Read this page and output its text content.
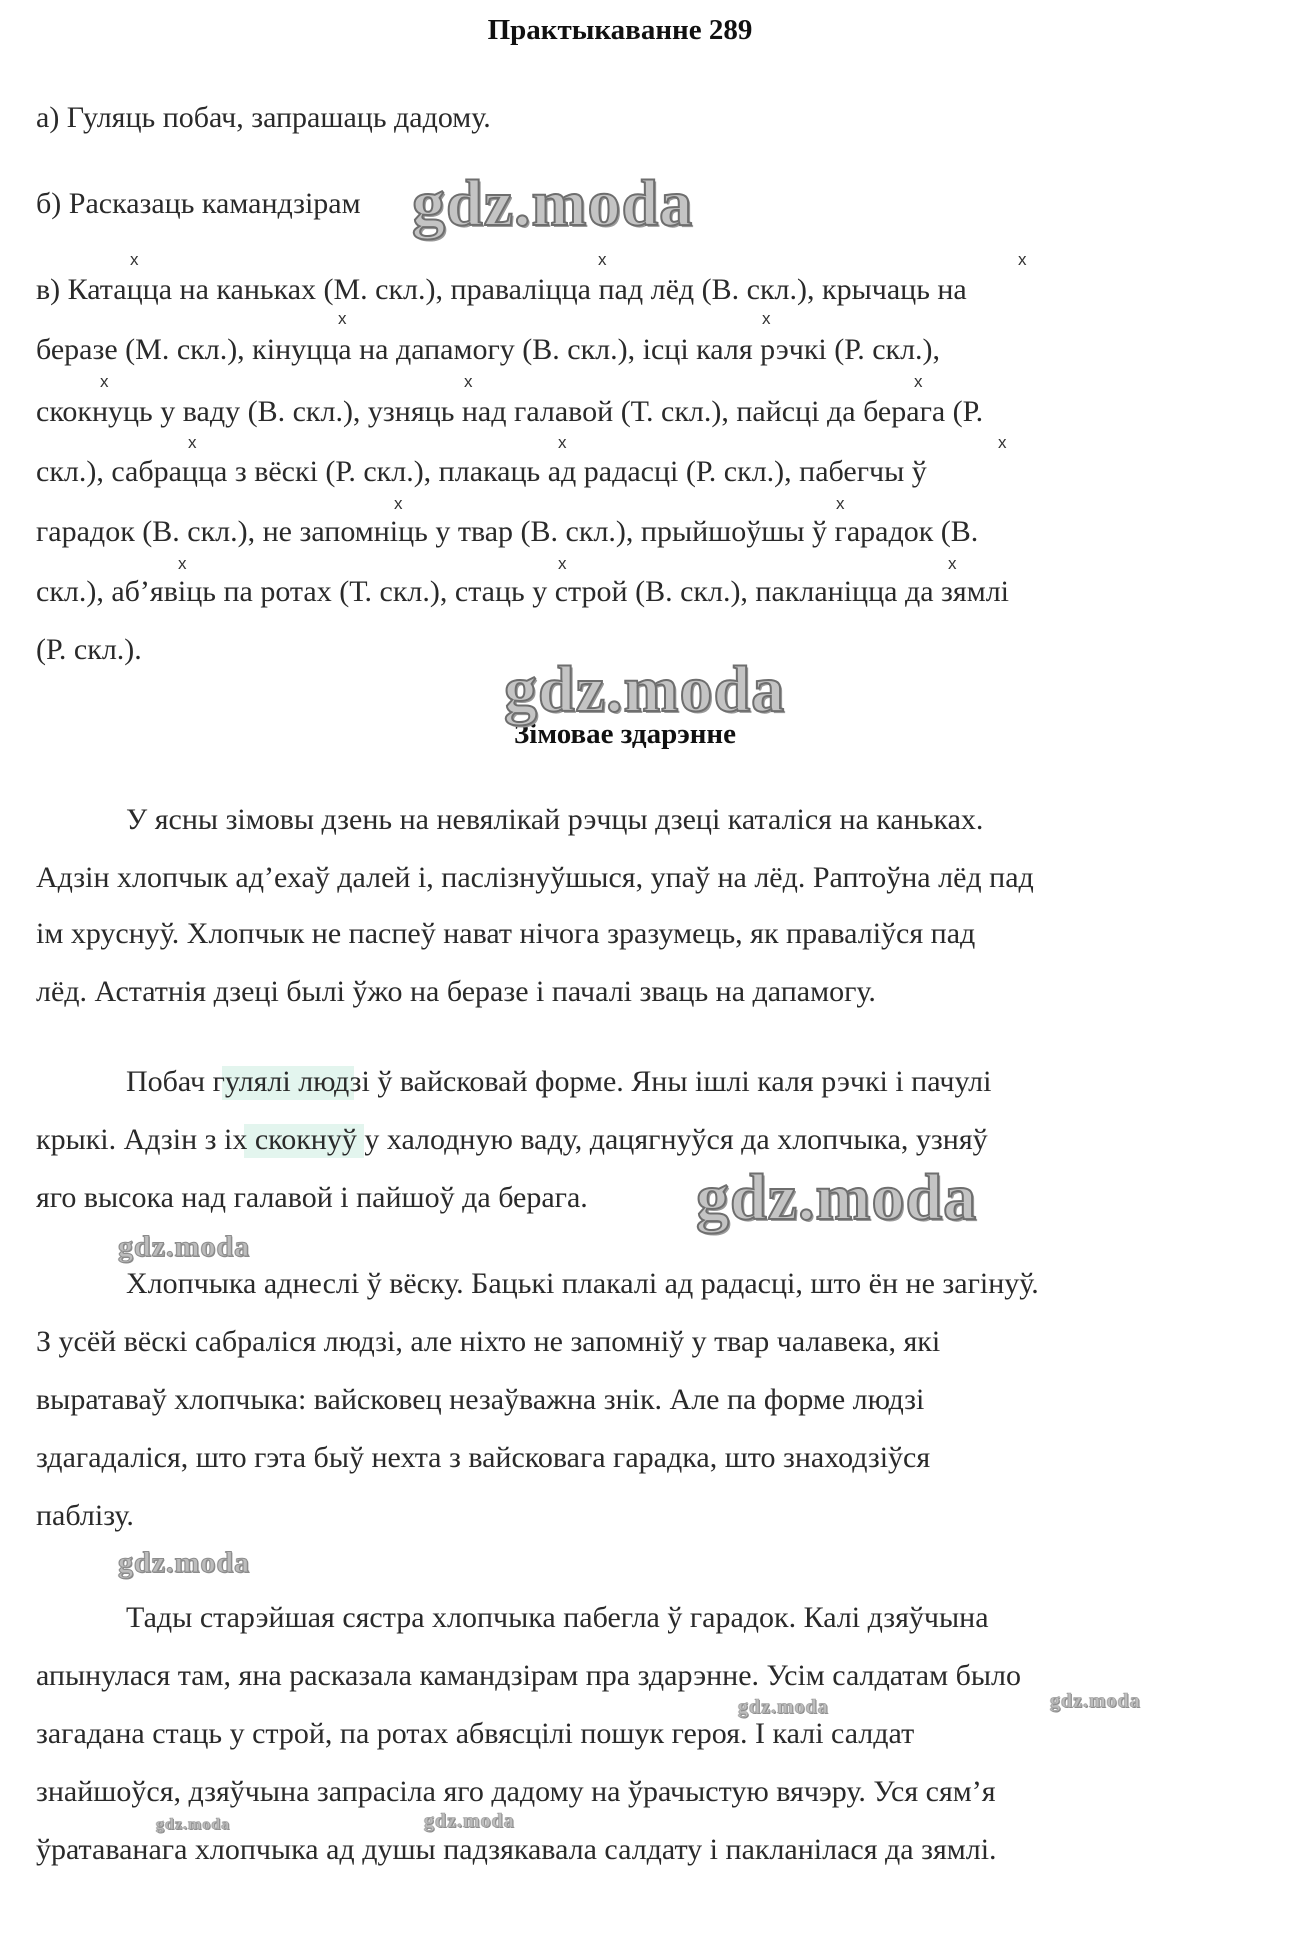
Практыкаванне 289
а) Гуляць побач, запрашаць дадому.
б) Расказаць камандзірам
x	x	x
в) Катацца на каньках (М. скл.), праваліцца пад лёд (В. скл.), крычаць на
x	x
беразе (М. скл.), кінуцца на дапамогу (В. скл.), ісці каля рэчкі (Р. скл.),
x	x	x
скокнуць у ваду (В. скл.), узняць над галавой (Т. скл.), пайсці да берага (Р.
x	x	x
скл.), сабрацца з вёскі (Р. скл.), плакаць ад радасці (Р. скл.), пабегчы ў
x	x
гарадок (В. скл.), не запомніць у твар (В. скл.), прыйшоўшы ў гарадок (В.
x	x	x
скл.), аб’явіць па ротах (Т. скл.), стаць у строй (В. скл.), пакланіцца да зямлі
(Р. скл.).
Зімовае здарэнне
У ясны зімовы дзень на невялікай рэчцы дзеці каталіся на каньках.
Адзін хлопчык ад’ехаў далей і, паслізнуўшыся, упаў на лёд. Раптоўна лёд пад
ім хруснуў. Хлопчык не паспеў нават нічога зразумець, як праваліўся пад
лёд. Астатнія дзеці былі ўжо на беразе і пачалі зваць на дапамогу.
Побач гулялі людзі ў вайсковай форме. Яны ішлі каля рэчкі і пачулі
крыкі. Адзін з іх скокнуў у халодную ваду, дацягнуўся да хлопчыка, узняў
яго высока над галавой і пайшоў да берага.
Хлопчыка аднеслі ў вёску. Бацькі плакалі ад радасці, што ён не загінуў.
З усёй вёскі сабраліся людзі, але ніхто не запомніў у твар чалавека, які
выратаваў хлопчыка: вайсковец незаўважна знік. Але па форме людзі
здагадаліся, што гэта быў нехта з вайсковага гарадка, што знаходзіўся
паблізу.
Тады старэйшая сястра хлопчыка пабегла ў гарадок. Калі дзяўчына
апынулася там, яна расказала камандзірам пра здарэнне. Усім салдатам было
загадана стаць у строй, па ротах абвясцілі пошук героя. І калі салдат
знайшоўся, дзяўчына запрасіла яго дадому на ўрачыстую вячэру. Уся сям’я
ўратаванага хлопчыка ад душы падзякавала салдату і пакланілася да зямлі.
gdz.moda
gdz.moda
gdz.moda
gdz.moda
gdz.moda
gdz.moda	gdz.moda
gdz.moda	gdz.moda
